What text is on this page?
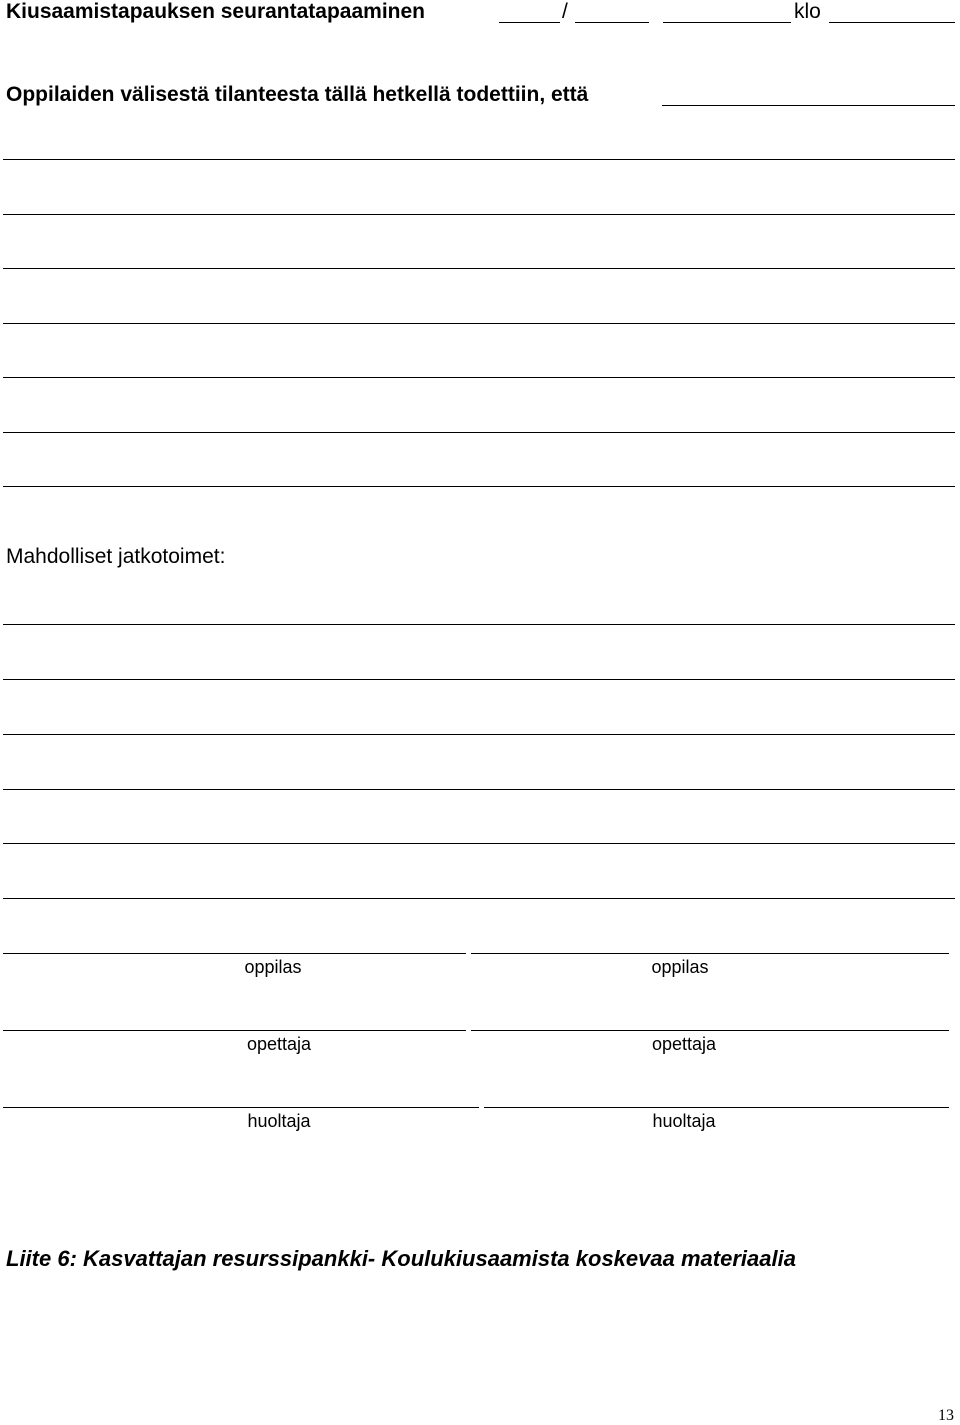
Kiusaamistapauksen seurantatapaaminen	/	klo
Oppilaiden välisestä tilanteesta tällä hetkellä todettiin, että
Mahdolliset jatkotoimet:
oppilas	oppilas
opettaja	opettaja
huoltaja	huoltaja
Liite 6: Kasvattajan resurssipankki- Koulukiusaamista koskevaa materiaalia
13
